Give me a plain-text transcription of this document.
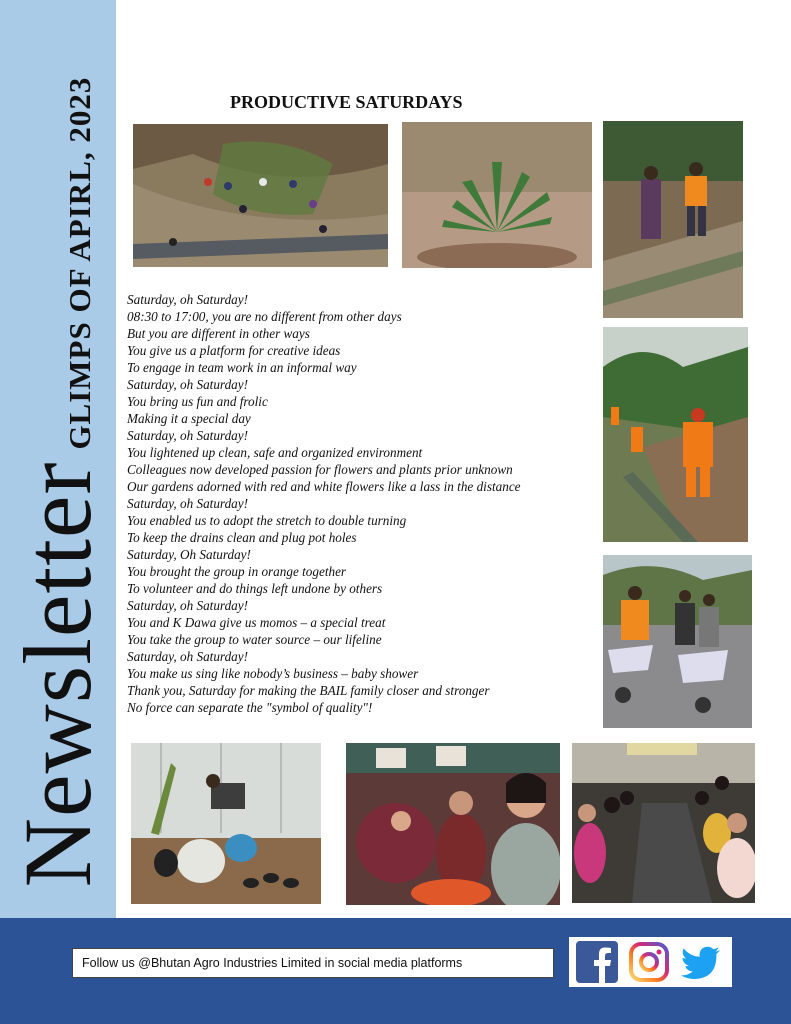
Newsletter
GLIMPS OF APIRL, 2023	PRODUCTIVE SATURDAYS
Saturday, oh Saturday!
08:30 to 17:00, you are no different from other days
But you are different in other ways
You give us a platform for creative ideas
To engage in team work in an informal way
Saturday, oh Saturday!
You bring us fun and frolic
Making it a special day
Saturday, oh Saturday!
You lightened up clean, safe and organized environment
Colleagues now developed passion for flowers and plants prior unknown
Our gardens adorned with red and white flowers like a lass in the distance
Saturday, oh Saturday!
You enabled us to adopt the stretch to double turning
To keep the drains clean and plug pot holes
Saturday, Oh Saturday!
You brought the group in orange together
To volunteer and do things left undone by others
Saturday, oh Saturday!
You and K Dawa give us momos – a special treat
You take the group to water source – our lifeline
Saturday, oh Saturday!
You make us sing like nobody’s business – baby shower
Thank you, Saturday for making the BAIL family closer and stronger
No force can separate the "symbol of quality"!
Follow us @Bhutan Agro Industries Limited in social media platforms
